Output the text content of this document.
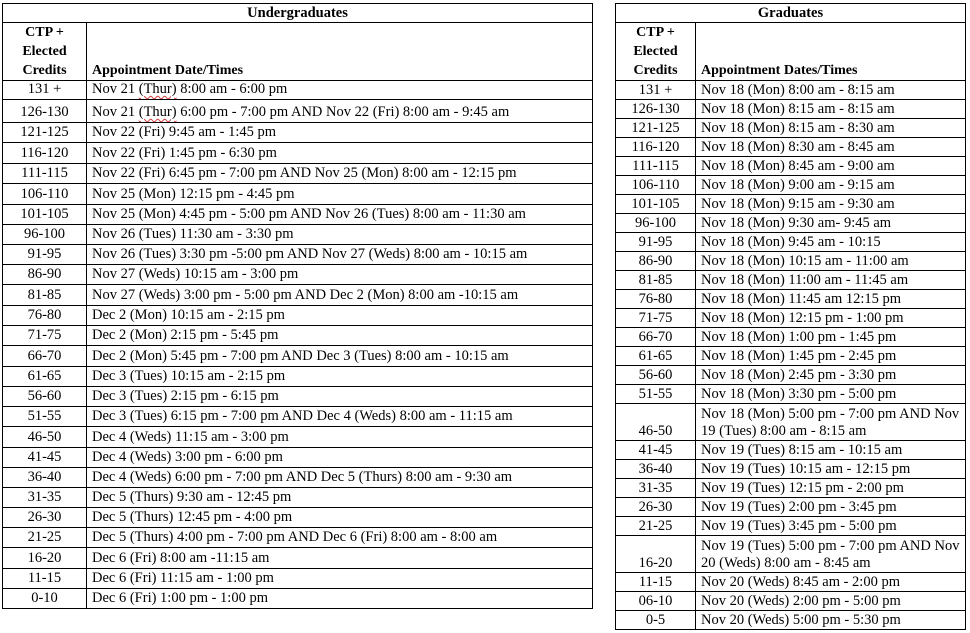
Undergraduates	
CTP +
Elected
Credits	Appointment Date/Times
131 +	Nov 21 (Thur) 8:00 am - 6:00 pm
126-130	Nov 21 (Thur) 6:00 pm - 7:00 pm AND Nov 22 (Fri) 8:00 am - 9:45 am
121-125	Nov 22 (Fri) 9:45 am - 1:45 pm
116-120	Nov 22 (Fri) 1:45 pm - 6:30 pm
111-115	Nov 22 (Fri) 6:45 pm - 7:00 pm AND Nov 25 (Mon) 8:00 am - 12:15 pm
106-110	Nov 25 (Mon) 12:15 pm - 4:45 pm
101-105	Nov 25 (Mon) 4:45 pm - 5:00 pm AND Nov 26 (Tues) 8:00 am - 11:30 am
96-100	Nov 26 (Tues) 11:30 am - 3:30 pm
91-95	Nov 26 (Tues) 3:30 pm -5:00 pm AND Nov 27 (Weds) 8:00 am - 10:15 am
86-90	Nov 27 (Weds) 10:15 am - 3:00 pm
81-85	Nov 27 (Weds) 3:00 pm - 5:00 pm AND Dec 2 (Mon) 8:00 am -10:15 am
76-80	Dec 2 (Mon) 10:15 am - 2:15 pm
71-75	Dec 2 (Mon) 2:15 pm - 5:45 pm
66-70	Dec 2 (Mon) 5:45 pm - 7:00 pm AND Dec 3 (Tues) 8:00 am - 10:15 am
61-65	Dec 3 (Tues) 10:15 am - 2:15 pm
56-60	Dec 3 (Tues) 2:15 pm - 6:15 pm
51-55	Dec 3 (Tues) 6:15 pm - 7:00 pm AND Dec 4 (Weds) 8:00 am - 11:15 am
46-50	Dec 4 (Weds) 11:15 am - 3:00 pm
41-45	Dec 4 (Weds) 3:00 pm - 6:00 pm
36-40	Dec 4 (Weds) 6:00 pm - 7:00 pm AND Dec 5 (Thurs) 8:00 am - 9:30 am
31-35	Dec 5 (Thurs) 9:30 am - 12:45 pm
26-30	Dec 5 (Thurs) 12:45 pm - 4:00 pm
21-25	Dec 5 (Thurs) 4:00 pm - 7:00 pm AND Dec 6 (Fri) 8:00 am - 8:00 am
16-20	Dec 6 (Fri) 8:00 am -11:15 am
11-15	Dec 6 (Fri) 11:15 am - 1:00 pm
0-10	Dec 6 (Fri) 1:00 pm - 1:00 pm
Graduates	
CTP +
Elected
Credits	Appointment Dates/Times
131 +	Nov 18 (Mon) 8:00 am - 8:15 am
126-130	Nov 18 (Mon) 8:15 am - 8:15 am
121-125	Nov 18 (Mon) 8:15 am - 8:30 am
116-120	Nov 18 (Mon) 8:30 am - 8:45 am
111-115	Nov 18 (Mon) 8:45 am - 9:00 am
106-110	Nov 18 (Mon) 9:00 am - 9:15 am
101-105	Nov 18 (Mon) 9:15 am - 9:30 am
96-100	Nov 18 (Mon) 9:30 am- 9:45 am
91-95	Nov 18 (Mon) 9:45 am - 10:15
86-90	Nov 18 (Mon) 10:15 am - 11:00 am
81-85	Nov 18 (Mon) 11:00 am - 11:45 am
76-80	Nov 18 (Mon) 11:45 am 12:15 pm
71-75	Nov 18 (Mon) 12:15 pm - 1:00 pm
66-70	Nov 18 (Mon) 1:00 pm - 1:45 pm
61-65	Nov 18 (Mon) 1:45 pm - 2:45 pm
56-60	Nov 18 (Mon) 2:45 pm - 3:30 pm
51-55	Nov 18 (Mon) 3:30 pm - 5:00 pm
46-50	Nov 18 (Mon) 5:00 pm - 7:00 pm AND Nov 19 (Tues) 8:00 am - 8:15 am
41-45	Nov 19 (Tues) 8:15 am - 10:15 am
36-40	Nov 19 (Tues) 10:15 am - 12:15 pm
31-35	Nov 19 (Tues) 12:15 pm - 2:00 pm
26-30	Nov 19 (Tues) 2:00 pm - 3:45 pm
21-25	Nov 19 (Tues) 3:45 pm - 5:00 pm
16-20	Nov 19 (Tues) 5:00 pm - 7:00 pm AND Nov 20 (Weds) 8:00 am - 8:45 am
11-15	Nov 20 (Weds) 8:45 am - 2:00 pm
06-10	Nov 20 (Weds) 2:00 pm - 5:00 pm
0-5	Nov 20 (Weds) 5:00 pm - 5:30 pm
